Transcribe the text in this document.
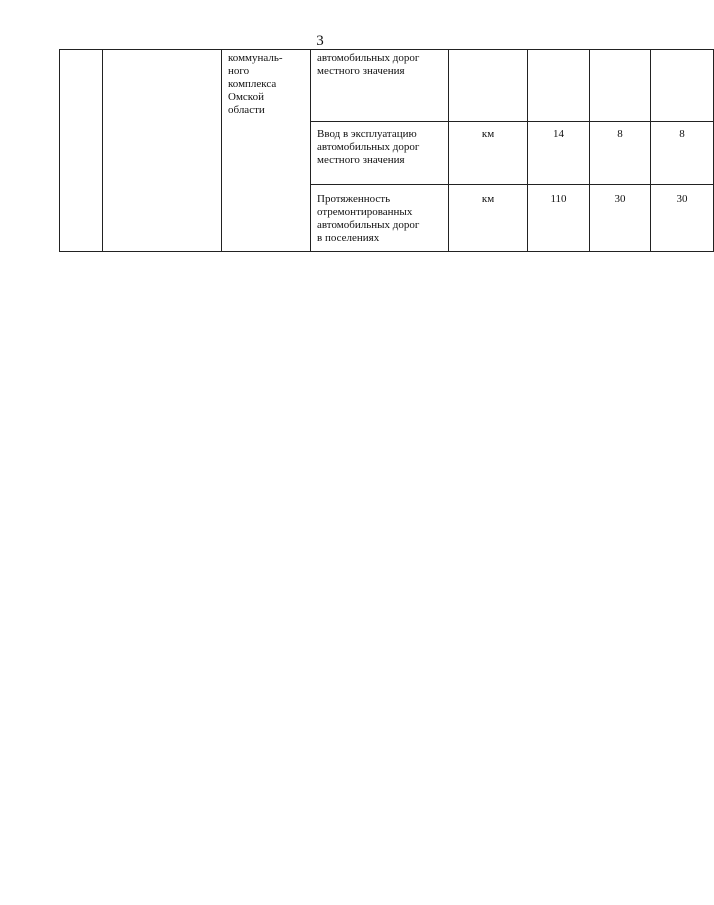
3

		коммуналь-
ного
комплекса
Омской
области	автомобильных дорог
местного значения				

			Ввод в эксплуатацию
автомобильных дорог
местного значения	км	14	8	8

			Протяженность
отремонтированных
автомобильных дорог
в поселениях	км	110	30	30
